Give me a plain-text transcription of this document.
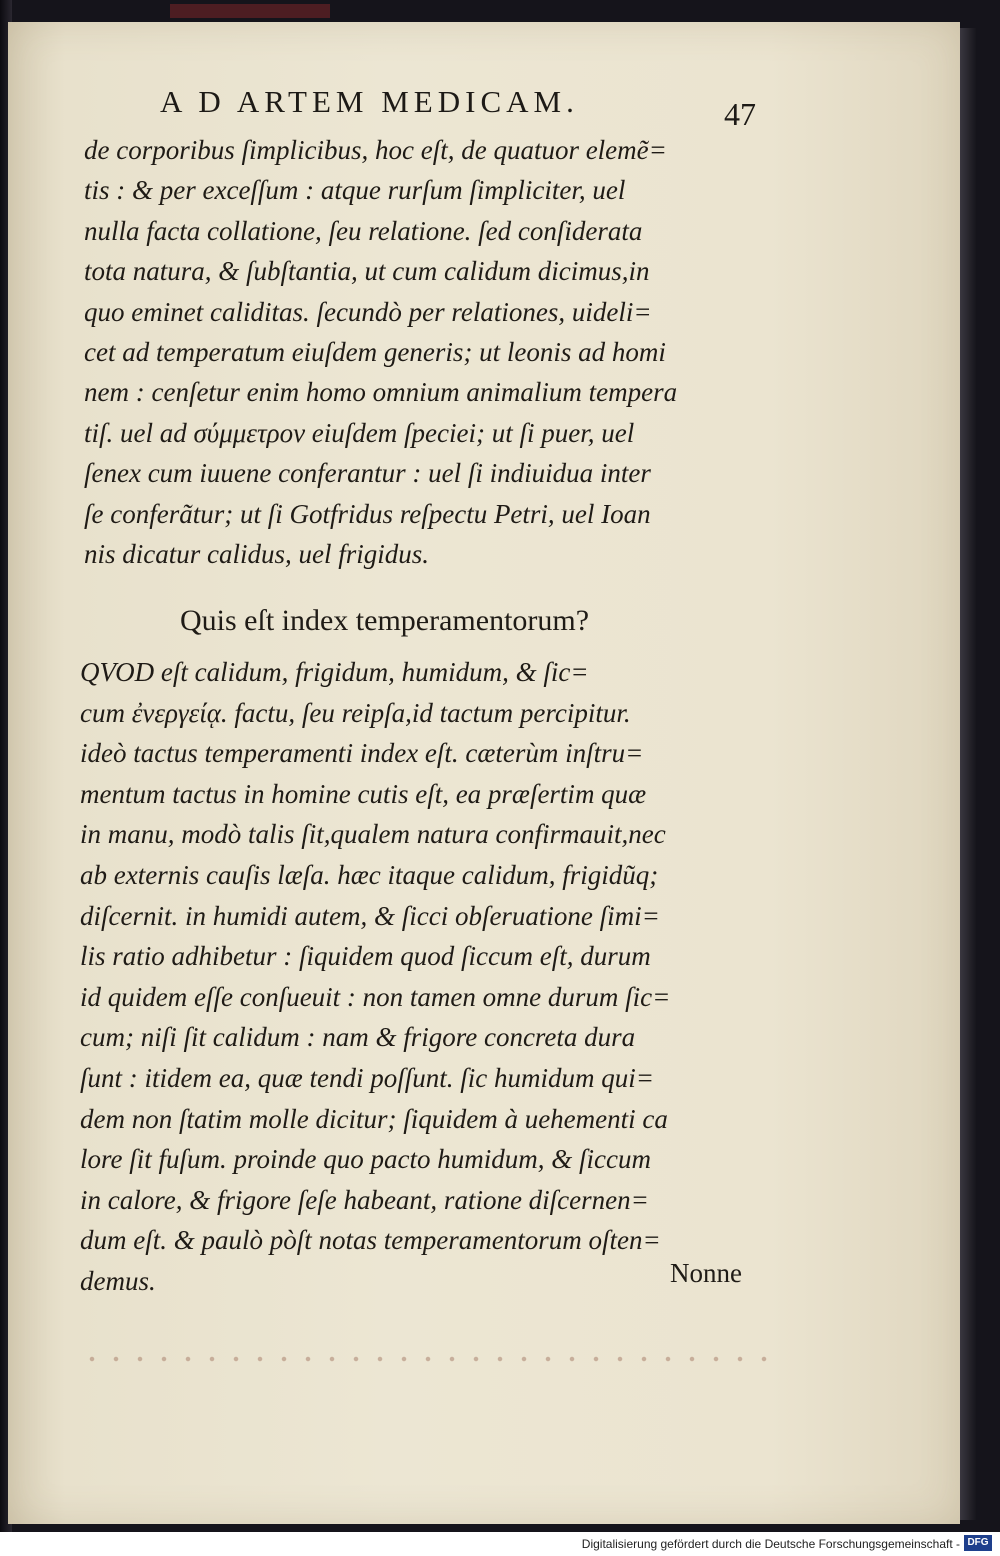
A D ARTEM MEDICAM.	47
de corporibus ſimplicibus, hoc eſt, de quatuor elemẽ=
tis : & per exceſſum : atque rurſum ſimpliciter, uel
nulla facta collatione, ſeu relatione. ſed conſiderata
tota natura, & ſubſtantia, ut cum calidum dicimus,in
quo eminet caliditas. ſecundò per relationes, uideli=
cet ad temperatum eiuſdem generis; ut leonis ad homi
nem : cenſetur enim homo omnium animalium tempera
tiſ. uel ad σύμμετρον eiuſdem ſpeciei; ut ſi puer, uel
ſenex cum iuuene conferantur : uel ſi indiuidua inter
ſe conferãtur; ut ſi Gotfridus reſpectu Petri, uel Ioan
nis dicatur calidus, uel frigidus.
Quis eſt index temperamentorum?
QVOD eſt calidum, frigidum, humidum, & ſic=
cum ἐνεργείᾳ. factu, ſeu reipſa,id tactum percipitur.
ideò tactus temperamenti index eſt. cæterùm inſtru=
mentum tactus in homine cutis eſt, ea præſertim quæ
in manu, modò talis ſit,qualem natura confirmauit,nec
ab externis cauſis læſa. hæc itaque calidum, frigidũq;
diſcernit. in humidi autem, & ſicci obſeruatione ſimi=
lis ratio adhibetur : ſiquidem quod ſiccum eſt, durum
id quidem eſſe conſueuit : non tamen omne durum ſic=
cum; niſi ſit calidum : nam & frigore concreta dura
ſunt : itidem ea, quæ tendi poſſunt. ſic humidum qui=
dem non ſtatim molle dicitur; ſiquidem à uehementi ca
lore ſit fuſum. proinde quo pacto humidum, & ſiccum
in calore, & frigore ſeſe habeant, ratione diſcernen=
dum eſt. & paulò pòſt notas temperamentorum oſten=
demus.	Nonne
Digitalisierung gefördert durch die Deutsche Forschungsgemeinschaft - DFG
